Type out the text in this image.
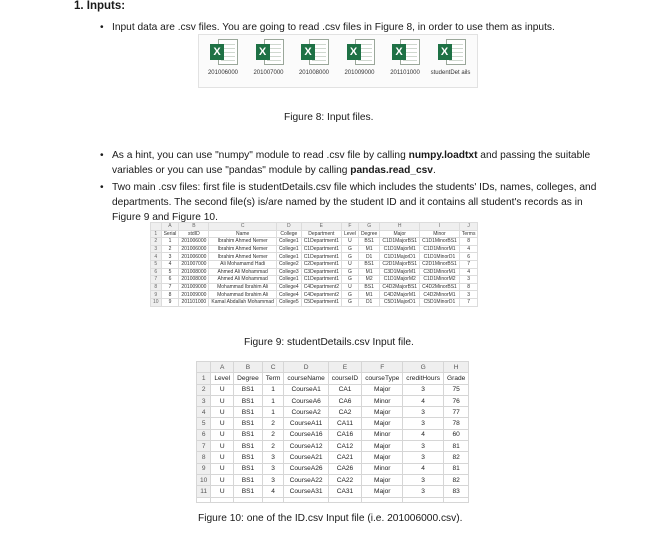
1. Inputs:
• Input data are .csv files. You are going to read .csv files in Figure 8, in order to use them as inputs.
X
201006000
X
201007000
X
201008000
X
201009000
X
201101000
X
studentDet ails
Figure 8: Input files.
• As a hint, you can use "numpy" module to read .csv file by calling numpy.loadtxt and passing the suitable variables or you can use "pandas" module by calling pandas.read_csv.
• Two main .csv files: first file is studentDetails.csv file which includes the students' IDs, names, colleges, and departments. The second file(s) is/are named by the student ID and it contains all student's records as in Figure 9 and Figure 10.
	A	B	C	D	E	F	G	H	I	J
1	Serial	stdID	Name	College	Department	Level	Degree	Major	Minor	Terms
2	1	201006000	Ibrahim Ahmed Nemer	College1	C1Department1	U	BS1	C1D1MajorBS1	C1D1MinorBS1	8
3	2	201006000	Ibrahim Ahmed Nemer	College1	C1Department1	G	M1	C1D1MajorM1	C1D1MinorM1	4
4	3	201006000	Ibrahim Ahmed Nemer	College1	C1Department1	G	D1	C1D1MajorD1	C1D1MinorD1	6
5	4	201007000	Ali Mohamamd Hadi	College2	C2Department1	U	BS1	C2D1MajorBS1	C2D1MinorBS1	7
6	5	201008000	Ahmed Ali Mohammad	College3	C3Department1	G	M1	C3D1MajorM1	C3D1MinorM1	4
7	6	201008000	Ahmed Ali Mohammad	College1	C1Department1	G	M2	C1D1MajorM2	C1D1MinorM2	3
8	7	201009000	Mohammad Ibrahim Ali	College4	C4Department2	U	BS1	C4D2MajorBS1	C4D2MinorBS1	8
9	8	201009000	Mohammad Ibrahim Ali	College4	C4Department2	G	M1	C4D2MajorM1	C4D2MinorM1	3
10	9	201101000	Kamal Abdallah Mohammad	College5	C5Department1	G	D1	C5D1MajorD1	C5D1MinorD1	7
Figure 9: studentDetails.csv Input file.
	A	B	C	D	E	F	G	H
1	Level	Degree	Term	courseName	courseID	courseType	creditHours	Grade
2	U	BS1	1	CourseA1	CA1	Major	3	75
3	U	BS1	1	CourseA6	CA6	Minor	4	76
4	U	BS1	1	CourseA2	CA2	Major	3	77
5	U	BS1	2	CourseA11	CA11	Major	3	78
6	U	BS1	2	CourseA16	CA16	Minor	4	60
7	U	BS1	2	CourseA12	CA12	Major	3	81
8	U	BS1	3	CourseA21	CA21	Major	3	82
9	U	BS1	3	CourseA26	CA26	Minor	4	81
10	U	BS1	3	CourseA22	CA22	Major	3	82
11	U	BS1	4	CourseA31	CA31	Major	3	83

Figure 10: one of the ID.csv Input file (i.e. 201006000.csv).
